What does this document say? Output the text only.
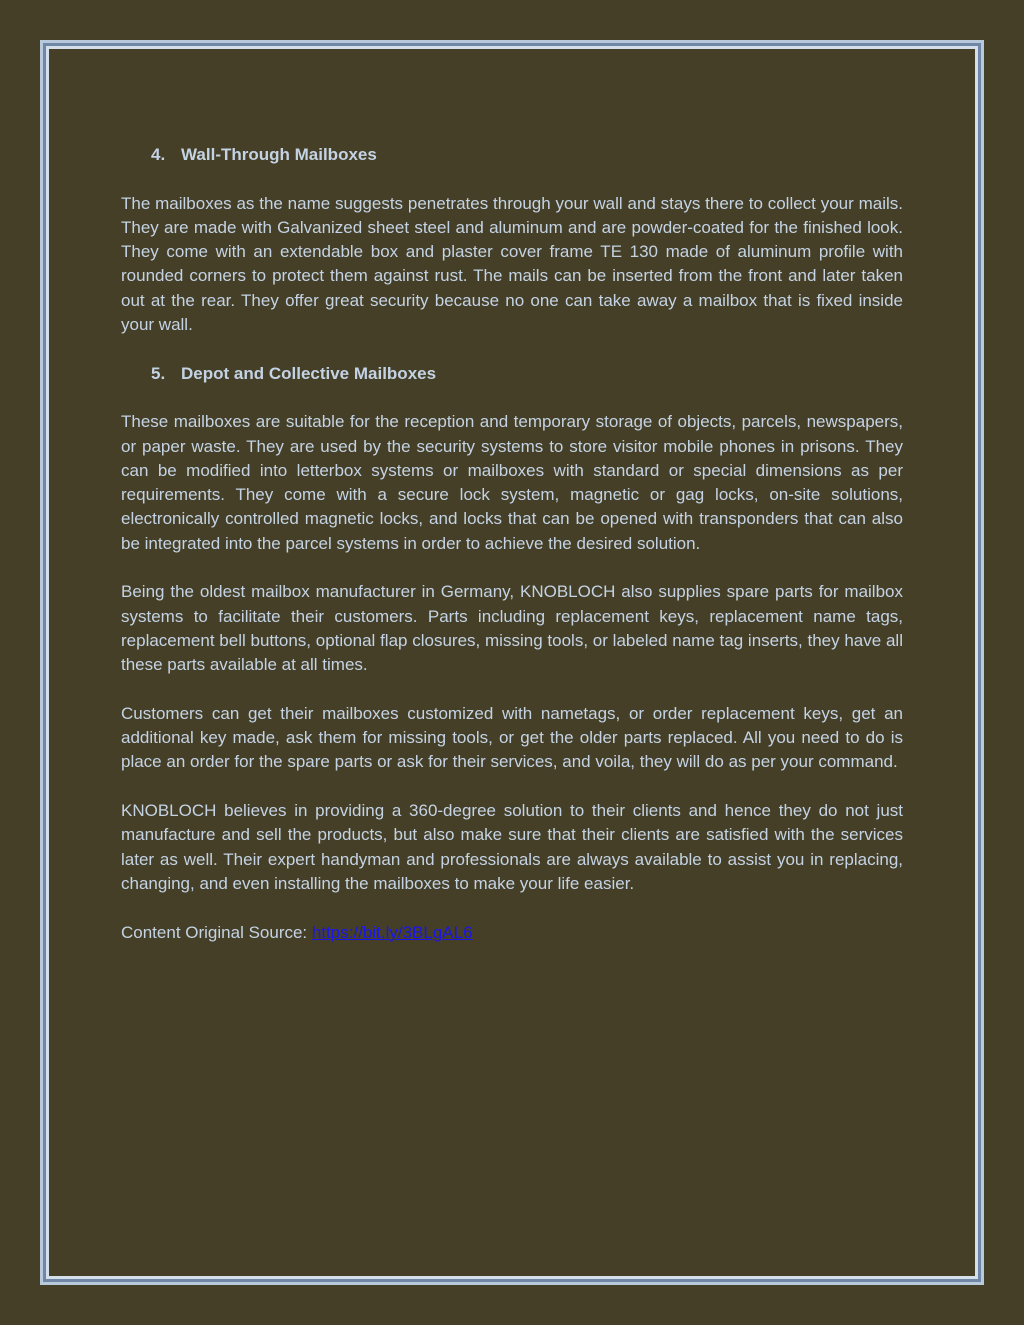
4. Wall-Through Mailboxes

The mailboxes as the name suggests penetrates through your wall and stays there to collect your mails. They are made with Galvanized sheet steel and aluminum and are powder-coated for the finished look. They come with an extendable box and plaster cover frame TE 130 made of aluminum profile with rounded corners to protect them against rust. The mails can be inserted from the front and later taken out at the rear. They offer great security because no one can take away a mailbox that is fixed inside your wall.

5. Depot and Collective Mailboxes

These mailboxes are suitable for the reception and temporary storage of objects, parcels, newspapers, or paper waste. They are used by the security systems to store visitor mobile phones in prisons. They can be modified into letterbox systems or mailboxes with standard or special dimensions as per requirements. They come with a secure lock system, magnetic or gag locks, on-site solutions, electronically controlled magnetic locks, and locks that can be opened with transponders that can also be integrated into the parcel systems in order to achieve the desired solution.

Being the oldest mailbox manufacturer in Germany, KNOBLOCH also supplies spare parts for mailbox systems to facilitate their customers. Parts including replacement keys, replacement name tags, replacement bell buttons, optional flap closures, missing tools, or labeled name tag inserts, they have all these parts available at all times.

Customers can get their mailboxes customized with nametags, or order replacement keys, get an additional key made, ask them for missing tools, or get the older parts replaced. All you need to do is place an order for the spare parts or ask for their services, and voila, they will do as per your command.

KNOBLOCH believes in providing a 360-degree solution to their clients and hence they do not just manufacture and sell the products, but also make sure that their clients are satisfied with the services later as well. Their expert handyman and professionals are always available to assist you in replacing, changing, and even installing the mailboxes to make your life easier.

Content Original Source: https://bit.ly/3BLgAL6
